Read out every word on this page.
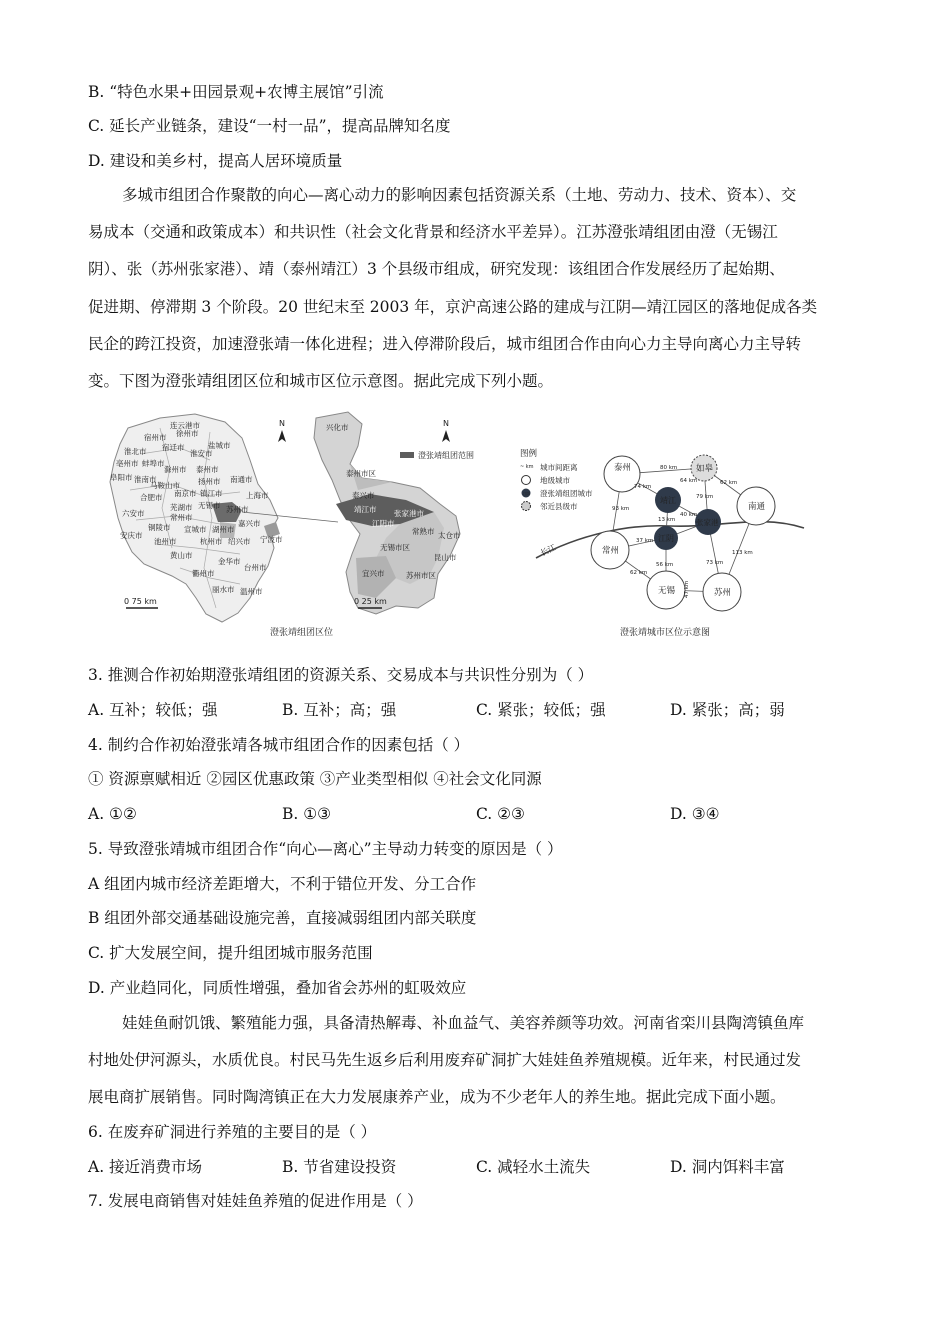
B. “特色水果+田园景观+农博主展馆”引流
C. 延长产业链条，建设“一村一品”，提高品牌知名度
D. 建设和美乡村，提高人居环境质量
多城市组团合作聚散的向心—离心动力的影响因素包括资源关系（土地、劳动力、技术、资本）、交
易成本（交通和政策成本）和共识性（社会文化背景和经济水平差异）。江苏澄张靖组团由澄（无锡江
阴）、张（苏州张家港）、靖（泰州靖江）3 个县级市组成，研究发现：该组团合作发展经历了起始期、
促进期、停滞期 3 个阶段。20 世纪末至 2003 年，京沪高速公路的建成与江阴—靖江园区的落地促成各类
民企的跨江投资，加速澄张靖一体化进程；进入停滞阶段后，城市组团合作由向心力主导向离心力主导转
变。下图为澄张靖组团区位和城市区位示意图。据此完成下列小题。
连云港市
宿州市 徐州市
盐城市
淮北市 宿迁市
淮安市
亳州市 蚌埠市
阜阳市
滁州市 泰州市
扬州市 南通市
淮南市
合肥市 南京市 镇江市
无锡市
上海市
六安市
芜湖市
马鞍山市
常州市
苏州市
铜陵市 宣城市 湖州市
嘉兴市
安庆市
池州市	杭州市 绍兴市 宁波市
黄山市
金华市
台州市
衢州市
丽水市 温州市
N
0 75 km
澄张靖组团区位
兴化市
泰州市区
泰兴市
靖江市 张家港市
江阴市
常熟市 太仓市
无锡市区
昆山市
宜兴市	苏州市区
澄张靖组团范围
N
0 25 km
图例
~ km 城市间距离
地级城市
江阴 澄张靖组团城市
邻近县级市
长江
泰州	如皋
南通
靖江
张家港
江阴
常州
无锡	苏州
80 km
74 km
64 km	62 km
79 km
93 km
13 km
40 km
37 km
56 km	73 km
113 km
62 km
47 km
澄张靖城市区位示意图
3. 推测合作初始期澄张靖组团的资源关系、交易成本与共识性分别为（ ）
A. 互补；较低；强	B. 互补；高；强	C. 紧张；较低；强	D. 紧张；高；弱
4. 制约合作初始澄张靖各城市组团合作的因素包括（ ）
① 资源禀赋相近 ②园区优惠政策 ③产业类型相似 ④社会文化同源
A. ①②	B. ①③	C. ②③	D. ③④
5. 导致澄张靖城市组团合作“向心—离心”主导动力转变的原因是（ ）
A 组团内城市经济差距增大，不利于错位开发、分工合作
B 组团外部交通基础设施完善，直接减弱组团内部关联度
C. 扩大发展空间，提升组团城市服务范围
D. 产业趋同化，同质性增强，叠加省会苏州的虹吸效应
娃娃鱼耐饥饿、繁殖能力强，具备清热解毒、补血益气、美容养颜等功效。河南省栾川县陶湾镇鱼库
村地处伊河源头，水质优良。村民马先生返乡后利用废弃矿洞扩大娃娃鱼养殖规模。近年来，村民通过发
展电商扩展销售。同时陶湾镇正在大力发展康养产业，成为不少老年人的养生地。据此完成下面小题。
6. 在废弃矿洞进行养殖的主要目的是（ ）
A. 接近消费市场	B. 节省建设投资	C. 减轻水土流失	D. 洞内饵料丰富
7. 发展电商销售对娃娃鱼养殖的促进作用是（ ）
